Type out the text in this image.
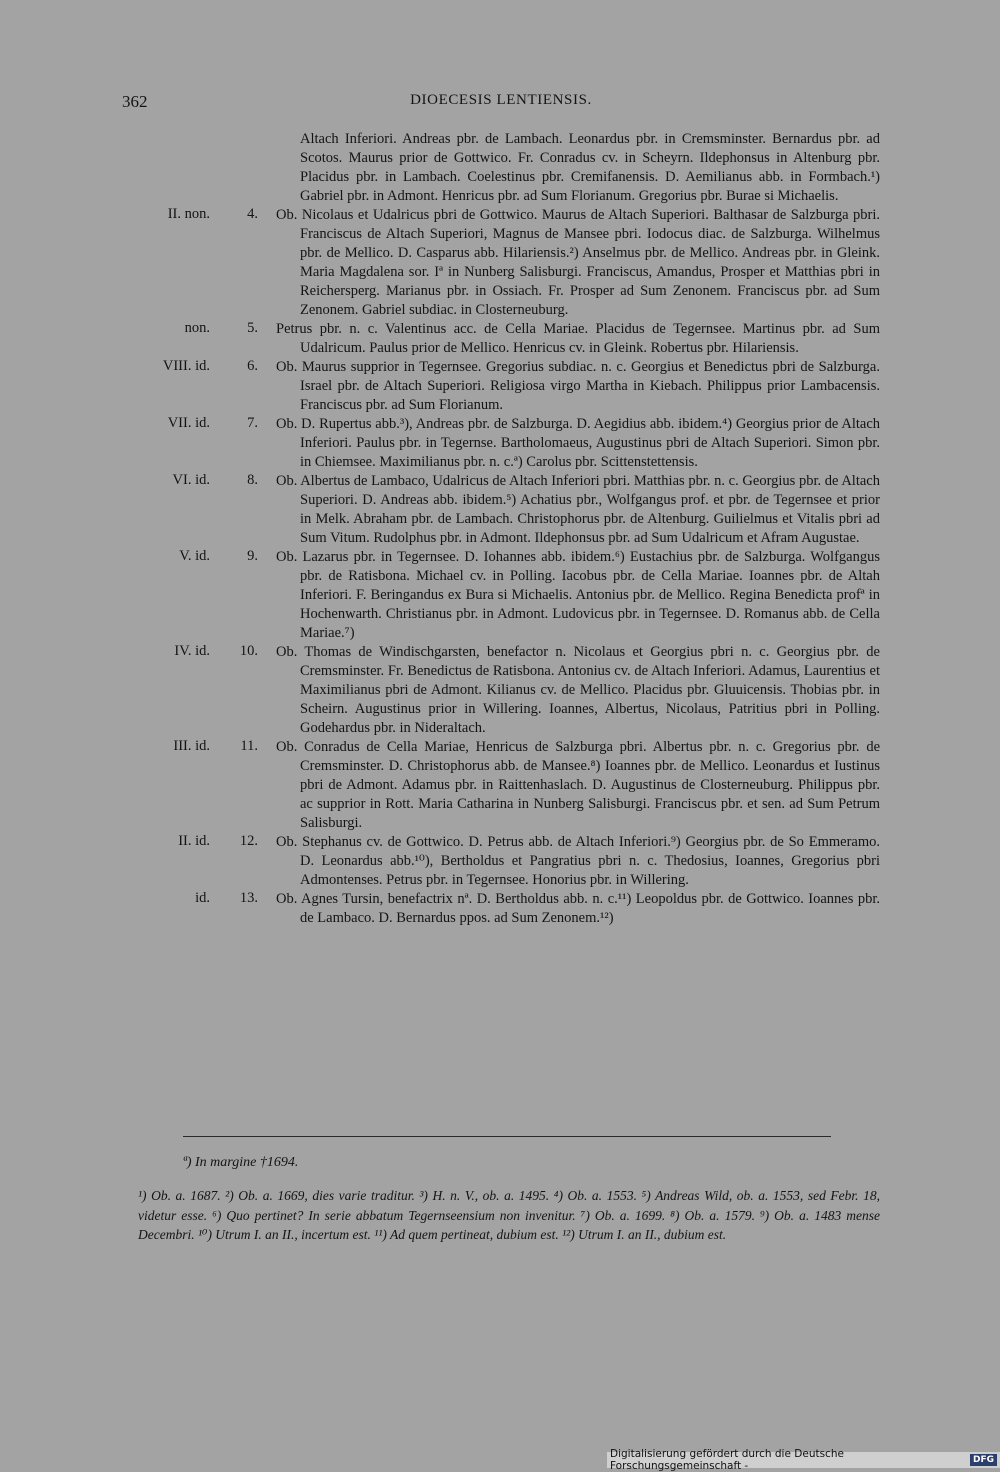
362	DIOECESIS LENTIENSIS.
Altach Inferiori. Andreas pbr. de Lambach. Leonardus pbr. in Cremsminster. Bernardus pbr. ad Scotos. Maurus prior de Gottwico. Fr. Conradus cv. in Scheyrn. Ildephonsus in Altenburg pbr. Placidus pbr. in Lambach. Coelestinus pbr. Cremifanensis. D. Aemilianus abb. in Formbach.¹) Gabriel pbr. in Admont. Henricus pbr. ad Sum Florianum. Gregorius pbr. Burae si Michaelis.
II. non.	4. Ob. Nicolaus et Udalricus pbri de Gottwico. Maurus de Altach Superiori. Balthasar de Salzburga pbri. Franciscus de Altach Superiori, Magnus de Mansee pbri. Iodocus diac. de Salzburga. Wilhelmus pbr. de Mellico. D. Casparus abb. Hilariensis.²) Anselmus pbr. de Mellico. Andreas pbr. in Gleink. Maria Magdalena sor. Iª in Nunberg Salisburgi. Franciscus, Amandus, Prosper et Matthias pbri in Reichersperg. Marianus pbr. in Ossiach. Fr. Prosper ad Sum Zenonem. Franciscus pbr. ad Sum Zenonem. Gabriel subdiac. in Closterneuburg.
non.	5. Petrus pbr. n. c. Valentinus acc. de Cella Mariae. Placidus de Tegernsee. Martinus pbr. ad Sum Udalricum. Paulus prior de Mellico. Henricus cv. in Gleink. Robertus pbr. Hilariensis.
VIII. id.	6. Ob. Maurus supprior in Tegernsee. Gregorius subdiac. n. c. Georgius et Benedictus pbri de Salzburga. Israel pbr. de Altach Superiori. Religiosa virgo Martha in Kiebach. Philippus prior Lambacensis. Franciscus pbr. ad Sum Florianum.
VII. id.	7. Ob. D. Rupertus abb.³), Andreas pbr. de Salzburga. D. Aegidius abb. ibidem.⁴) Georgius prior de Altach Inferiori. Paulus pbr. in Tegernse. Bartholomaeus, Augustinus pbri de Altach Superiori. Simon pbr. in Chiemsee. Maximilianus pbr. n. c.ª) Carolus pbr. Scittenstettensis.
VI. id.	8. Ob. Albertus de Lambaco, Udalricus de Altach Inferiori pbri. Matthias pbr. n. c. Georgius pbr. de Altach Superiori. D. Andreas abb. ibidem.⁵) Achatius pbr., Wolfgangus prof. et pbr. de Tegernsee et prior in Melk. Abraham pbr. de Lambach. Christophorus pbr. de Altenburg. Guilielmus et Vitalis pbri ad Sum Vitum. Rudolphus pbr. in Admont. Ildephonsus pbr. ad Sum Udalricum et Afram Augustae.
V. id.	9. Ob. Lazarus pbr. in Tegernsee. D. Iohannes abb. ibidem.⁶) Eustachius pbr. de Salzburga. Wolfgangus pbr. de Ratisbona. Michael cv. in Polling. Iacobus pbr. de Cella Mariae. Ioannes pbr. de Altah Inferiori. F. Beringandus ex Bura si Michaelis. Antonius pbr. de Mellico. Regina Benedicta profª in Hochenwarth. Christianus pbr. in Admont. Ludovicus pbr. in Tegernsee. D. Romanus abb. de Cella Mariae.⁷)
IV. id.	10. Ob. Thomas de Windischgarsten, benefactor n. Nicolaus et Georgius pbri n. c. Georgius pbr. de Cremsminster. Fr. Benedictus de Ratisbona. Antonius cv. de Altach Inferiori. Adamus, Laurentius et Maximilianus pbri de Admont. Kilianus cv. de Mellico. Placidus pbr. Gluuicensis. Thobias pbr. in Scheirn. Augustinus prior in Willering. Ioannes, Albertus, Nicolaus, Patritius pbri in Polling. Godehardus pbr. in Nideraltach.
III. id.	11. Ob. Conradus de Cella Mariae, Henricus de Salzburga pbri. Albertus pbr. n. c. Gregorius pbr. de Cremsminster. D. Christophorus abb. de Mansee.⁸) Ioannes pbr. de Mellico. Leonardus et Iustinus pbri de Admont. Adamus pbr. in Raittenhaslach. D. Augustinus de Closterneuburg. Philippus pbr. ac supprior in Rott. Maria Catharina in Nunberg Salisburgi. Franciscus pbr. et sen. ad Sum Petrum Salisburgi.
II. id.	12. Ob. Stephanus cv. de Gottwico. D. Petrus abb. de Altach Inferiori.⁹) Georgius pbr. de So Emmeramo. D. Leonardus abb.¹⁰), Bertholdus et Pangratius pbri n. c. Thedosius, Ioannes, Gregorius pbri Admontenses. Petrus pbr. in Tegernsee. Honorius pbr. in Willering.
id.	13. Ob. Agnes Tursin, benefactrix nª. D. Bertholdus abb. n. c.¹¹) Leopoldus pbr. de Gottwico. Ioannes pbr. de Lambaco. D. Bernardus ppos. ad Sum Zenonem.¹²)
ª) In margine †1694.
¹) Ob. a. 1687. ²) Ob. a. 1669, dies varie traditur. ³) H. n. V., ob. a. 1495. ⁴) Ob. a. 1553. ⁵) Andreas Wild, ob. a. 1553, sed Febr. 18, videtur esse. ⁶) Quo pertinet? In serie abbatum Tegernseensium non invenitur. ⁷) Ob. a. 1699. ⁸) Ob. a. 1579. ⁹) Ob. a. 1483 mense Decembri. ¹⁰) Utrum I. an II., incertum est. ¹¹) Ad quem pertineat, dubium est. ¹²) Utrum I. an II., dubium est.
Digitalisierung gefördert durch die Deutsche Forschungsgemeinschaft -	DFG
